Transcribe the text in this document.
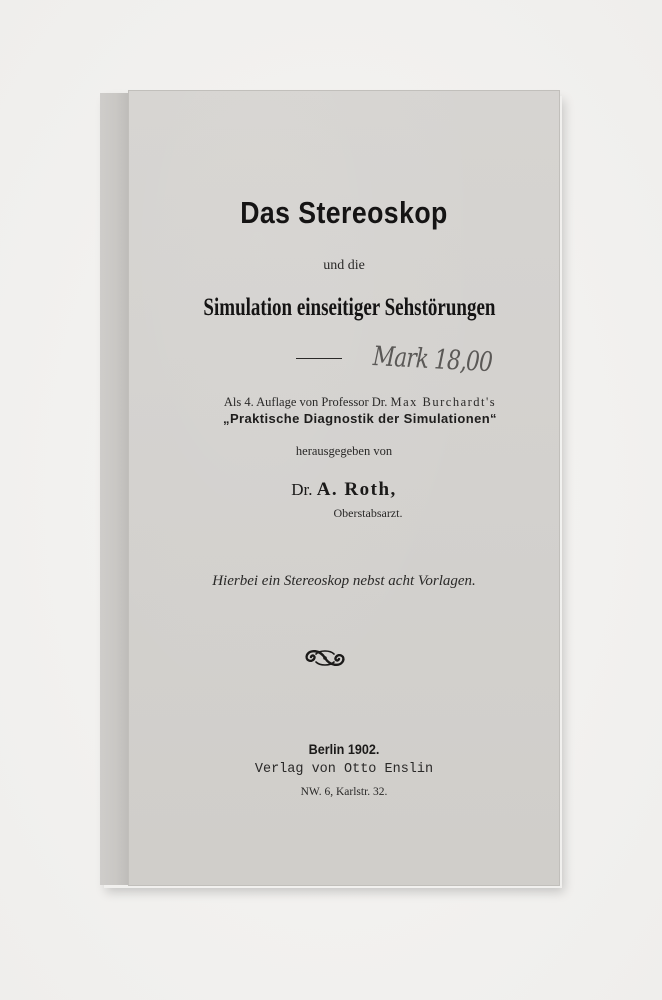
Das Stereoskop
und die
Simulation einseitiger Sehstörungen
Mark 18,00
Als 4. Auflage von Professor Dr. Max Burchardt's
„Praktische Diagnostik der Simulationen“
herausgegeben von
Dr. A. Roth,
Oberstabsarzt.
Hierbei ein Stereoskop nebst acht Vorlagen.
Berlin 1902.
Verlag von Otto Enslin
NW. 6, Karlstr. 32.
